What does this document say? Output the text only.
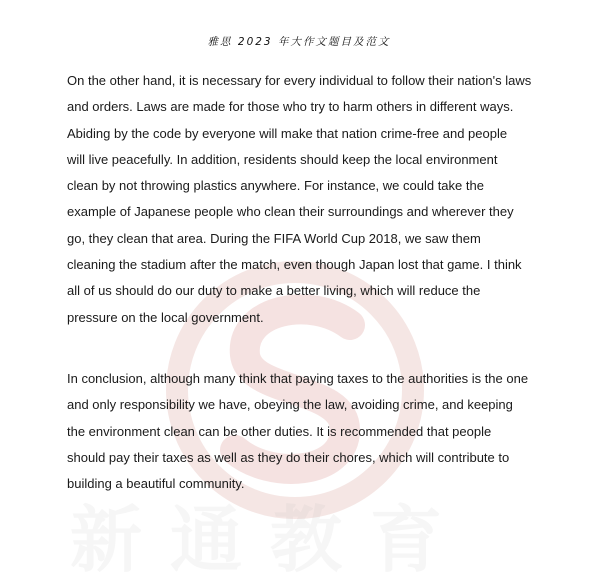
新通教育
雅思 2023 年大作文题目及范文

On the other hand, it is necessary for every individual to follow their nation's laws
and orders. Laws are made for those who try to harm others in different ways.
Abiding by the code by everyone will make that nation crime-free and people
will live peacefully. In addition, residents should keep the local environment
clean by not throwing plastics anywhere. For instance, we could take the
example of Japanese people who clean their surroundings and wherever they
go, they clean that area. During the FIFA World Cup 2018, we saw them
cleaning the stadium after the match, even though Japan lost that game. I think
all of us should do our duty to make a better living, which will reduce the
pressure on the local government.

In conclusion, although many think that paying taxes to the authorities is the one
and only responsibility we have, obeying the law, avoiding crime, and keeping
the environment clean can be other duties. It is recommended that people
should pay their taxes as well as they do their chores, which will contribute to
building a beautiful community.
